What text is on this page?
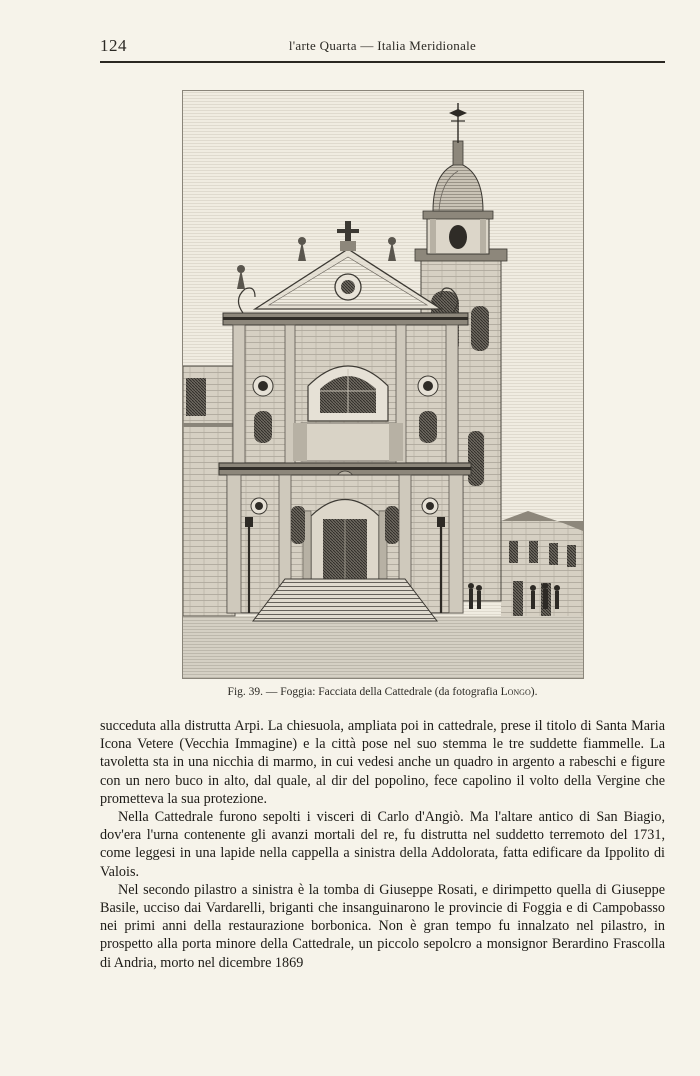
124	l'arte Quarta — Italia Meridionale
Fig. 39. — Foggia: Facciata della Cattedrale (da fotografia Longo).

succeduta alla distrutta Arpi. La chiesuola, ampliata poi in cattedrale, prese il titolo di Santa Maria Icona Vetere (Vecchia Immagine) e la città pose nel suo stemma le tre suddette fiammelle. La tavoletta sta in una nicchia di marmo, in cui vedesi anche un quadro in argento a rabeschi e figure con un nero buco in alto, dal quale, al dir del popolino, fece capolino il volto della Vergine che prometteva la sua protezione.

Nella Cattedrale furono sepolti i visceri di Carlo d'Angiò. Ma l'altare antico di San Biagio, dov'era l'urna contenente gli avanzi mortali del re, fu distrutta nel suddetto terremoto del 1731, come leggesi in una lapide nella cappella a sinistra della Addolorata, fatta edificare da Ippolito di Valois.

Nel secondo pilastro a sinistra è la tomba di Giuseppe Rosati, e dirimpetto quella di Giuseppe Basile, ucciso dai Vardarelli, briganti che insanguinarono le provincie di Foggia e di Campobasso nei primi anni della restaurazione borbonica. Non è gran tempo fu innalzato nel pilastro, in prospetto alla porta minore della Cattedrale, un piccolo sepolcro a monsignor Berardino Frascolla di Andria, morto nel dicembre 1869
